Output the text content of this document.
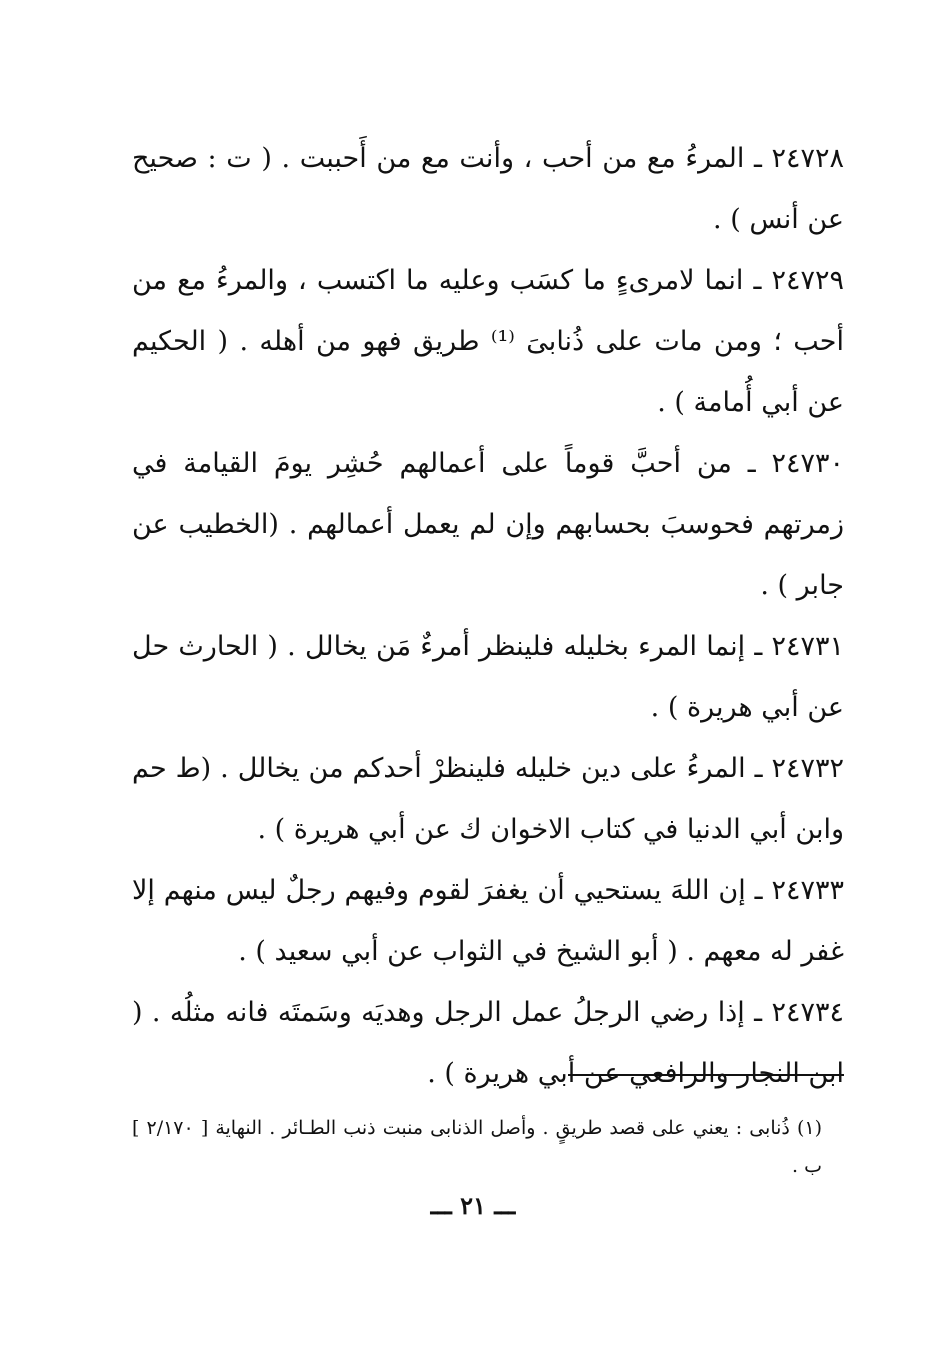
٢٤٧٢٨ ـ المرءُ مع من أحب ، وأنت مع من أَحببت . ( ت : صحيح عن أنس ) .

٢٤٧٢٩ ـ انما لامرىءٍ ما كسَب وعليه ما اكتسب ، والمرءُ مع من أحب ؛ ومن مات على ذُنابىَ ⁽¹⁾ طريق فهو من أهله . ( الحكيم عن أبي أُمامة ) .

٢٤٧٣٠ ـ من أحبَّ قوماً على أعمالهم حُشِر يومَ القيامة في زمرتهم فحوسبَ بحسابهم وإن لم يعمل أعمالهم . (الخطيب عن جابر ) .

٢٤٧٣١ ـ إنما المرء بخليله فلينظر أمرءٌ مَن يخالل . ( الحارث حل عن أبي هريرة ) .

٢٤٧٣٢ ـ المرءُ على دين خليله فلينظرْ أحدكم من يخالل . (ط حم وابن أبي الدنيا في كتاب الاخوان ك عن أبي هريرة ) .

٢٤٧٣٣ ـ إن اللهَ يستحيي أن يغفرَ لقوم وفيهم رجلٌ ليس منهم إلا غفر له معهم . ( أبو الشيخ في الثواب عن أبي سعيد ) .

٢٤٧٣٤ ـ إذا رضي الرجلُ عمل الرجل وهديَه وسَمتَه فانه مثلُه . ( ابن النجار والرافعي عن أبي هريرة ) .

(١) ذُنابى : يعني على قصد طريقٍ . وأصل الذنابى منبت ذنب الطـائر . النهاية [ ٢/١٧٠ ] ب .

ـــ ٢١ ـــ
